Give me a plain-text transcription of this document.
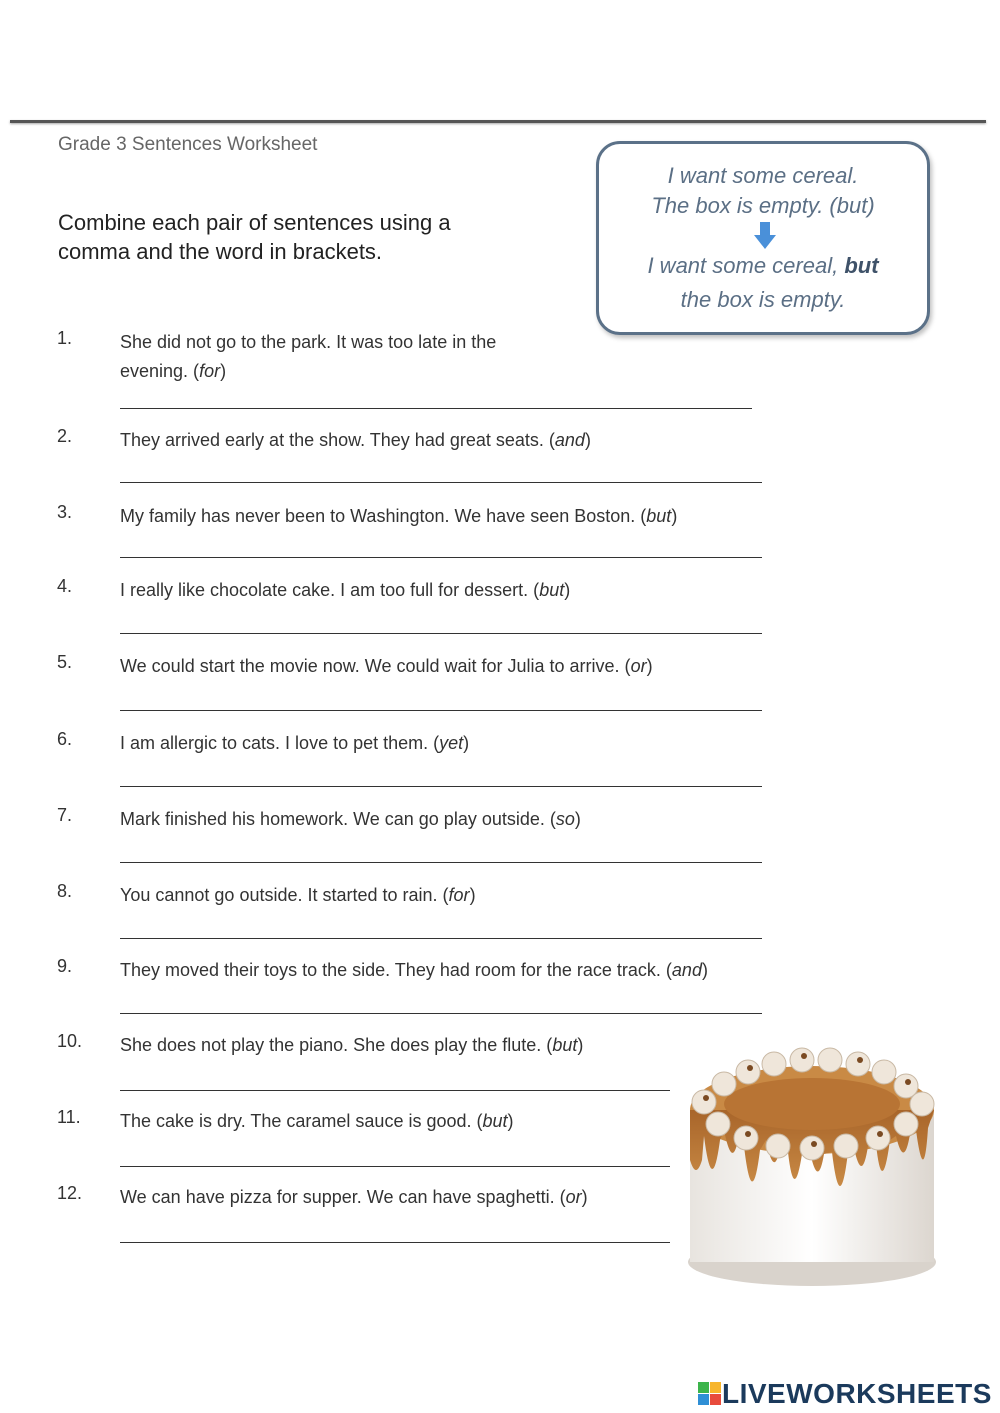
Grade 3 Sentences Worksheet
Combine each pair of sentences using a comma and the word in brackets.
I want some cereal.
The box is empty. (but)
I want some cereal, but
the box is empty.
1.	She did not go to the park. It was too late in the evening. (for)
2.	They arrived early at the show. They had great seats. (and)
3.	My family has never been to Washington. We have seen Boston. (but)
4.	I really like chocolate cake. I am too full for dessert. (but)
5.	We could start the movie now. We could wait for Julia to arrive. (or)
6.	I am allergic to cats. I love to pet them. (yet)
7.	Mark finished his homework. We can go play outside. (so)
8.	You cannot go outside. It started to rain. (for)
9.	They moved their toys to the side. They had room for the race track. (and)
10. She does not play the piano. She does play the flute. (but)
11. The cake is dry. The caramel sauce is good. (but)
12. We can have pizza for supper. We can have spaghetti. (or)
LIVEWORKSHEETS
